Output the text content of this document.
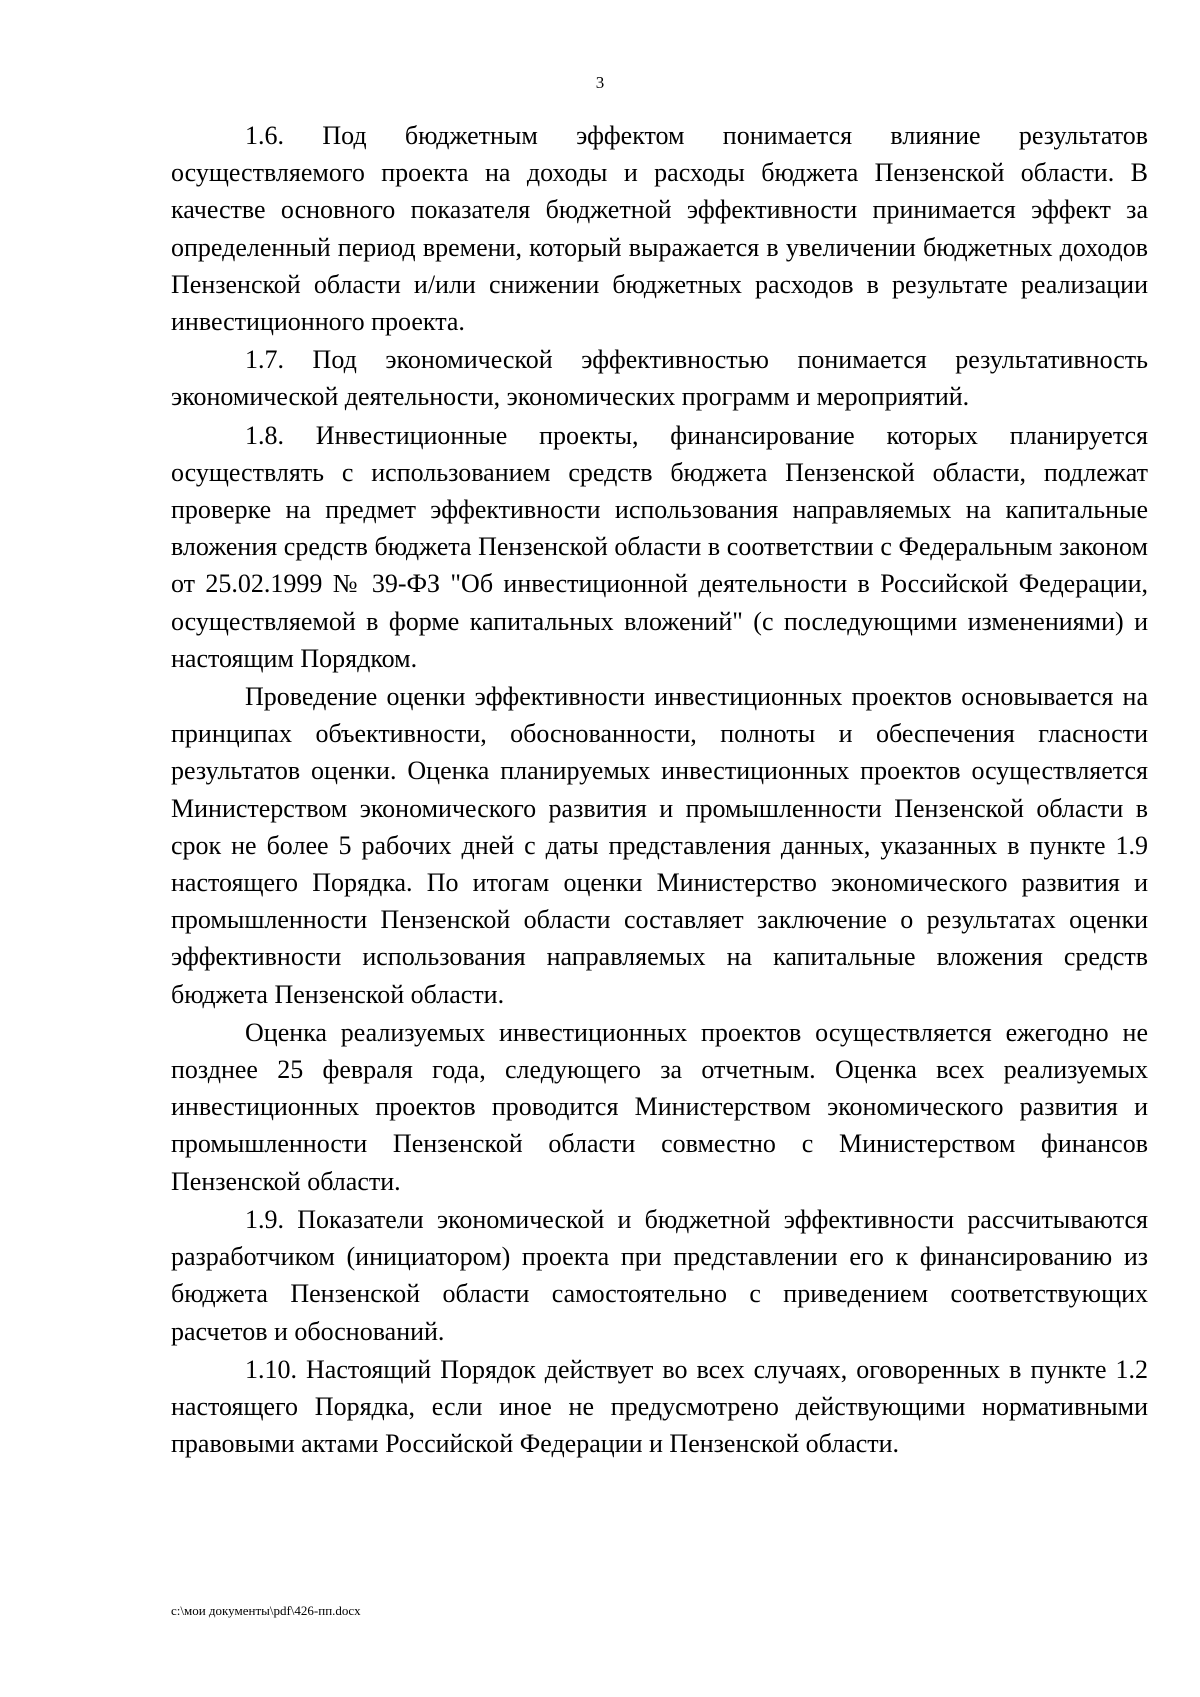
3

1.6. Под бюджетным эффектом понимается влияние результатов осуществляемого проекта на доходы и расходы бюджета Пензенской области. В качестве основного показателя бюджетной эффективности принимается эффект за определенный период времени, который выражается в увеличении бюджетных доходов Пензенской области и/или снижении бюджетных расходов в результате реализации инвестиционного проекта.

1.7. Под экономической эффективностью понимается результативность экономической деятельности, экономических программ и мероприятий.

1.8. Инвестиционные проекты, финансирование которых планируется осуществлять с использованием средств бюджета Пензенской области, подлежат проверке на предмет эффективности использования направляемых на капитальные вложения средств бюджета Пензенской области в соответствии с Федеральным законом от 25.02.1999 № 39-ФЗ "Об инвестиционной деятельности в Российской Федерации, осуществляемой в форме капитальных вложений" (с последующими изменениями) и настоящим Порядком.

Проведение оценки эффективности инвестиционных проектов основывается на принципах объективности, обоснованности, полноты и обеспечения гласности результатов оценки. Оценка планируемых инвестиционных проектов осуществляется Министерством экономического развития и промышленности Пензенской области в срок не более 5 рабочих дней с даты представления данных, указанных в пункте 1.9 настоящего Порядка. По итогам оценки Министерство экономического развития и промышленности Пензенской области составляет заключение о результатах оценки эффективности использования направляемых на капитальные вложения средств бюджета Пензенской области.

Оценка реализуемых инвестиционных проектов осуществляется ежегодно не позднее 25 февраля года, следующего за отчетным. Оценка всех реализуемых инвестиционных проектов проводится Министерством экономического развития и промышленности Пензенской области совместно с Министерством финансов Пензенской области.

1.9. Показатели экономической и бюджетной эффективности рассчитываются разработчиком (инициатором) проекта при представлении его к финансированию из бюджета Пензенской области самостоятельно с приведением соответствующих расчетов и обоснований.

1.10. Настоящий Порядок действует во всех случаях, оговоренных в пункте 1.2 настоящего Порядка, если иное не предусмотрено действующими нормативными правовыми актами Российской Федерации и Пензенской области.

c:\мои документы\pdf\426-пп.docx
